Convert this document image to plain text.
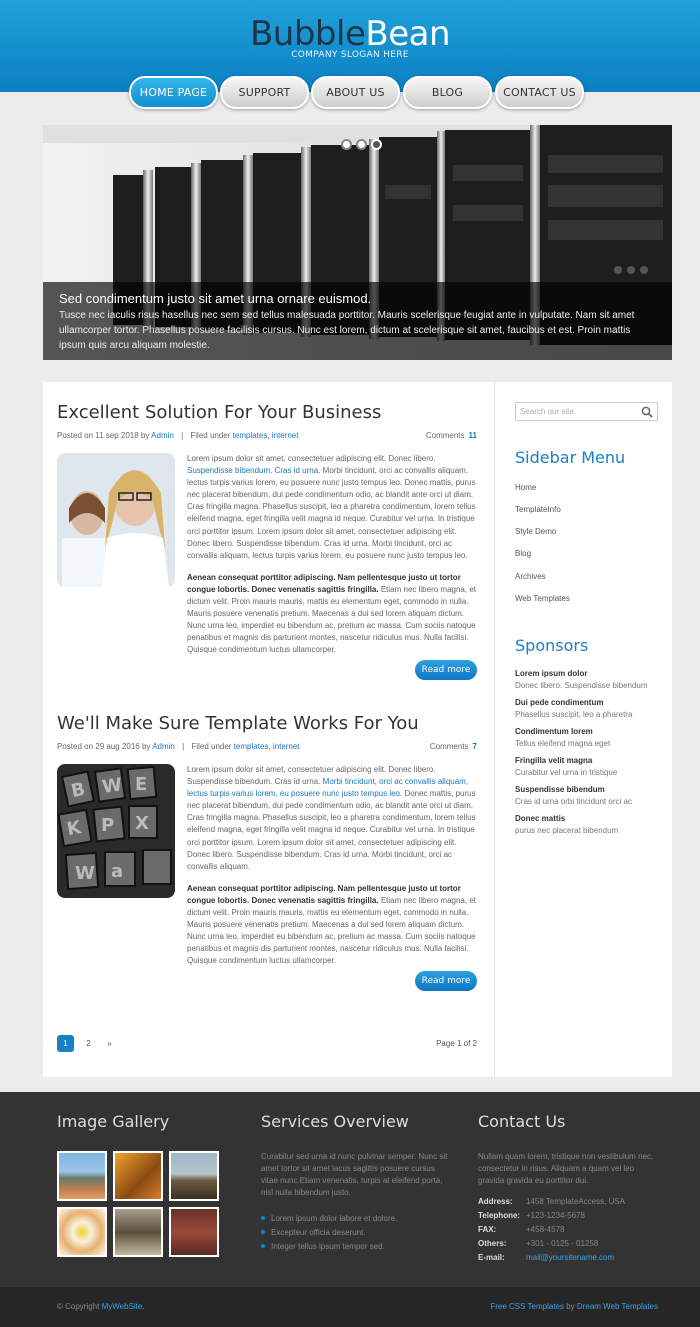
BubbleBean
COMPANY SLOGAN HERE
HOME PAGE	SUPPORT	ABOUT US	BLOG	CONTACT US
Sed condimentum justo sit amet urna ornare euismod.
Tusce nec iaculis risus hasellus nec sem sed tellus malesuada porttitor. Mauris scelerisque feugiat ante in vulputate. Nam sit amet ullamcorper tortor. Phasellus posuere facilisis cursus. Nunc est lorem, dictum at scelerisque sit amet, faucibus et est. Proin mattis ipsum quis arcu aliquam molestie.
Excellent Solution For Your Business
Posted on 11 sep 2018 by Admin | Filed under templates, internet	Comments 11

Lorem ipsum dolor sit amet, consectetuer adipiscing elit. Donec libero. Suspendisse bibendum. Cras id urna. Morbi tincidunt, orci ac convallis aliquam, lectus turpis varius lorem, eu posuere nunc justo tempus leo. Donec mattis, purus nec placerat bibendum, dui pede condimentum odio, ac blandit ante orci ut diam. Cras fringilla magna. Phasellus suscipit, leo a pharetra condimentum, lorem tellus eleifend magna, eget fringilla velit magna id neque. Curabitur vel urna. In tristique orci porttitor ipsum. Lorem ipsum dolor sit amet, consectetuer adipiscing elit. Donec libero. Suspendisse bibendum. Cras id urna. Morbi tincidunt, orci ac convallis aliquam, lectus turpis varius lorem, eu posuere nunc justo tempus leo.

Aenean consequat porttitor adipiscing. Nam pellentesque justo ut tortor congue lobortis. Donec venenatis sagittis fringilla. Etiam nec libero magna, et dictum velit. Proin mauris mauris, mattis eu elementum eget, commodo in nulla. Mauris posuere venenatis pretium. Maecenas a dui sed lorem aliquam dictum. Nunc urna leo, imperdiet eu bibendum ac, pretium ac massa. Cum sociis natoque penatibus et magnis dis parturient montes, nascetur ridiculus mus. Nulla facilisi. Quisque condimentum luctus ullamcorper.

Read more
We'll Make Sure Template Works For You
Posted on 29 aug 2016 by Admin | Filed under templates, internet	Comments 7
B W E
K P X
W a

Lorem ipsum dolor sit amet, consectetuer adipiscing elit. Donec libero. Suspendisse bibendum. Cras id urna. Morbi tincidunt, orci ac convallis aliquam, lectus turpis varius lorem, eu posuere nunc justo tempus leo. Donec mattis, purus nec placerat bibendum, dui pede condimentum odio, ac blandit ante orci ut diam. Cras fringilla magna. Phasellus suscipit, leo a pharetra condimentum, lorem tellus eleifend magna, eget fringilla velit magna id neque. Curabitur vel urna. In tristique orci porttitor ipsum. Lorem ipsum dolor sit amet, consectetuer adipiscing elit. Donec libero. Suspendisse bibendum. Cras id urna. Morbi tincidunt, orci ac convallis aliquam.

Aenean consequat porttitor adipiscing. Nam pellentesque justo ut tortor congue lobortis. Donec venenatis sagittis fringilla. Etiam nec libero magna, et dictum velit. Proin mauris mauris, mattis eu elementum eget, commodo in nulla. Mauris posuere venenatis pretium. Maecenas a dui sed lorem aliquam dictum. Nunc urna leo, imperdiet eu bibendum ac, pretium ac massa. Cum sociis natoque penatibus et magnis dis parturient montes, nascetur ridiculus mus. Nulla facilisi. Quisque condimentum luctus ullamcorper.

Read more
1	2	»	Page 1 of 2
Search our site:
Sidebar Menu
Home
TemplateInfo
Style Demo
Blog
Archives
Web Templates
Sponsors
Lorem ipsum dolor
Donec libero. Suspendisse bibendum
Dui pede condimentum
Phasellus suscipit, leo a pharetra
Condimentum lorem
Tellus eleifend magna eget
Fringilla velit magna
Curabitur vel urna in tristique
Suspendisse bibendum
Cras id urna orbi tincidunt orci ac
Donec mattis
purus nec placerat bibendum
Image Gallery	Services Overview
Curabitur sed urna id nunc pulvinar semper. Nunc sit amet tortor sit amet lacus sagittis posuere cursus vitae nunc.Etiam venenatis, turpis at eleifend porta, nisl nulla bibendum justo.
Lorem ipsum dolor labore et dolore.
Excepteur officia deserunt.
Integer tellus ipsum tempor sed.
Contact Us
Nullam quam lorem, tristique non vestibulum nec, consectetur in risus. Aliquam a quam vel leo gravida gravida eu porttitor dui.
Address: 1458 TemplateAccess, USA
Telephone: +123-1234-5678
FAX:	+458-4578
Others: +301 - 0125 - 01258
E-mail:	mail@yoursitename.com
© Copyright MyWebSite.	Free CSS Templates by Dream Web Templates
